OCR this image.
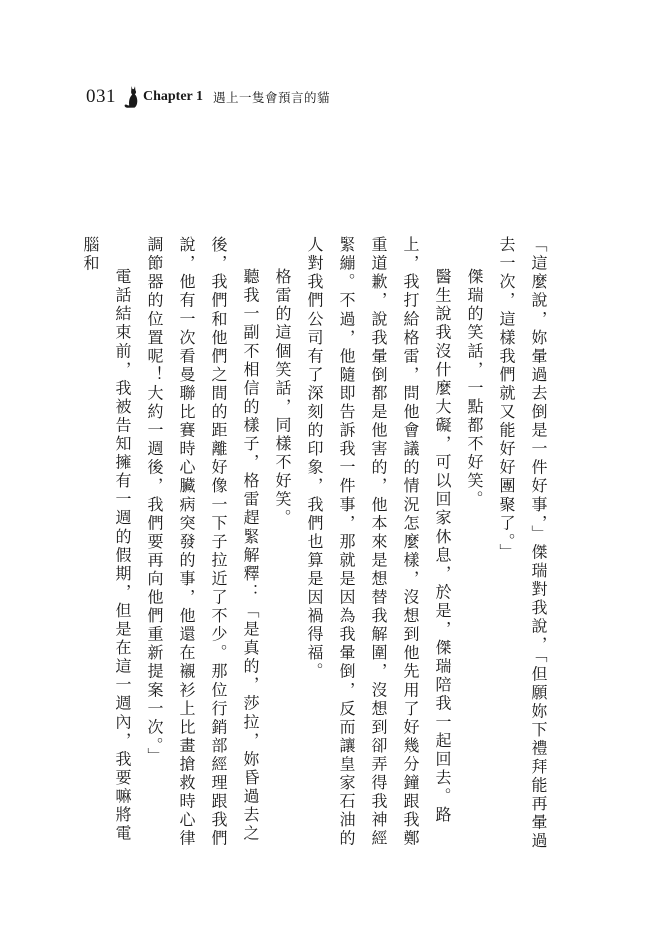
031 Chapter 1 遇上一隻會預言的貓

「這麼說，妳暈過去倒是一件好事，」傑瑞對我說，「但願妳下禮拜能再暈過去一次，這樣我們就又能好好團聚了。」

傑瑞的笑話，一點都不好笑。

醫生說我沒什麼大礙，可以回家休息，於是，傑瑞陪我一起回去。路上，我打給格雷，問他會議的情況怎麼樣，沒想到他先用了好幾分鐘跟我鄭重道歉，說我暈倒都是他害的，他本來是想替我解圍，沒想到卻弄得我神經緊繃。不過，他隨即告訴我一件事，那就是因為我暈倒，反而讓皇家石油的人對我們公司有了深刻的印象，我們也算是因禍得福。

格雷的這個笑話，同樣不好笑。

聽我一副不相信的樣子，格雷趕緊解釋：「是真的，莎拉，妳昏過去之後，我們和他們之間的距離好像一下子拉近了不少。那位行銷部經理跟我們說，他有一次看曼聯比賽時心臟病突發的事，他還在襯衫上比畫搶救時心律調節器的位置呢！大約一週後，我們要再向他們重新提案一次。」

電話結束前，我被告知擁有一週的假期，但是在這一週內，我要嘛將電腦和
